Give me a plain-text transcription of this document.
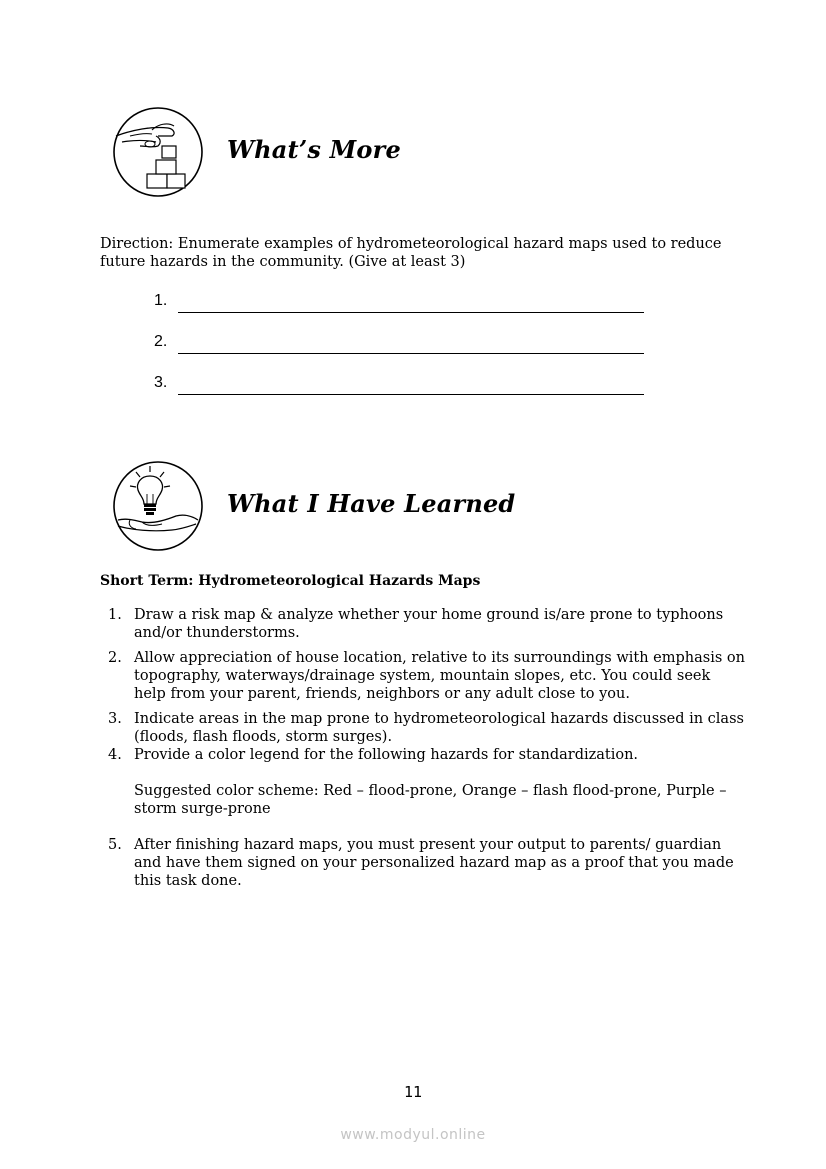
What’s More
Direction: Enumerate examples of hydrometeorological hazard maps used to reduce future hazards in the community. (Give at least 3)
1.
2.
3.
What I Have Learned
Short Term: Hydrometeorological Hazards Maps
1. Draw a risk map & analyze whether your home ground is/are prone to typhoons and/or thunderstorms.
2. Allow appreciation of house location, relative to its surroundings with emphasis on topography, waterways/drainage system, mountain slopes, etc. You could seek help from your parent, friends, neighbors or any adult close to you.
3. Indicate areas in the map prone to hydrometeorological hazards discussed in class (floods, flash floods, storm surges).
4. Provide a color legend for the following hazards for standardization.
Suggested color scheme: Red – flood-prone, Orange – flash flood-prone, Purple – storm surge-prone
5. After finishing hazard maps, you must present your output to parents/ guardian and have them signed on your personalized hazard map as a proof that you made this task done.
11
www.modyul.online
